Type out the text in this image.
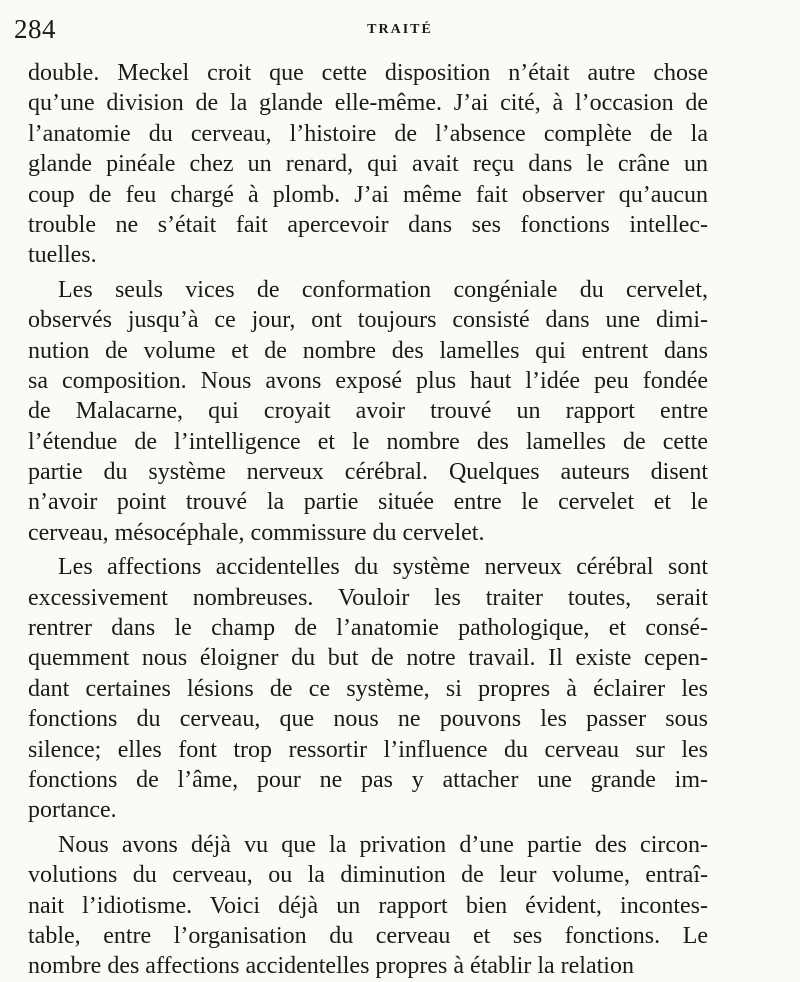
284	TRAITÉ
double. Meckel croit que cette disposition n’était autre chose
qu’une division de la glande elle-même. J’ai cité, à l’occasion de
l’anatomie du cerveau, l’histoire de l’absence complète de la
glande pinéale chez un renard, qui avait reçu dans le crâne un
coup de feu chargé à plomb. J’ai même fait observer qu’aucun
trouble ne s’était fait apercevoir dans ses fonctions intellec-
tuelles.
Les seuls vices de conformation congéniale du cervelet,
observés jusqu’à ce jour, ont toujours consisté dans une dimi-
nution de volume et de nombre des lamelles qui entrent dans
sa composition. Nous avons exposé plus haut l’idée peu fondée
de Malacarne, qui croyait avoir trouvé un rapport entre
l’étendue de l’intelligence et le nombre des lamelles de cette
partie du système nerveux cérébral. Quelques auteurs disent
n’avoir point trouvé la partie située entre le cervelet et le
cerveau, mésocéphale, commissure du cervelet.
Les affections accidentelles du système nerveux cérébral sont
excessivement nombreuses. Vouloir les traiter toutes, serait
rentrer dans le champ de l’anatomie pathologique, et consé-
quemment nous éloigner du but de notre travail. Il existe cepen-
dant certaines lésions de ce système, si propres à éclairer les
fonctions du cerveau, que nous ne pouvons les passer sous
silence; elles font trop ressortir l’influence du cerveau sur les
fonctions de l’âme, pour ne pas y attacher une grande im-
portance.
Nous avons déjà vu que la privation d’une partie des circon-
volutions du cerveau, ou la diminution de leur volume, entraî-
nait l’idiotisme. Voici déjà un rapport bien évident, incontes-
table, entre l’organisation du cerveau et ses fonctions. Le
nombre des affections accidentelles propres à établir la relation
